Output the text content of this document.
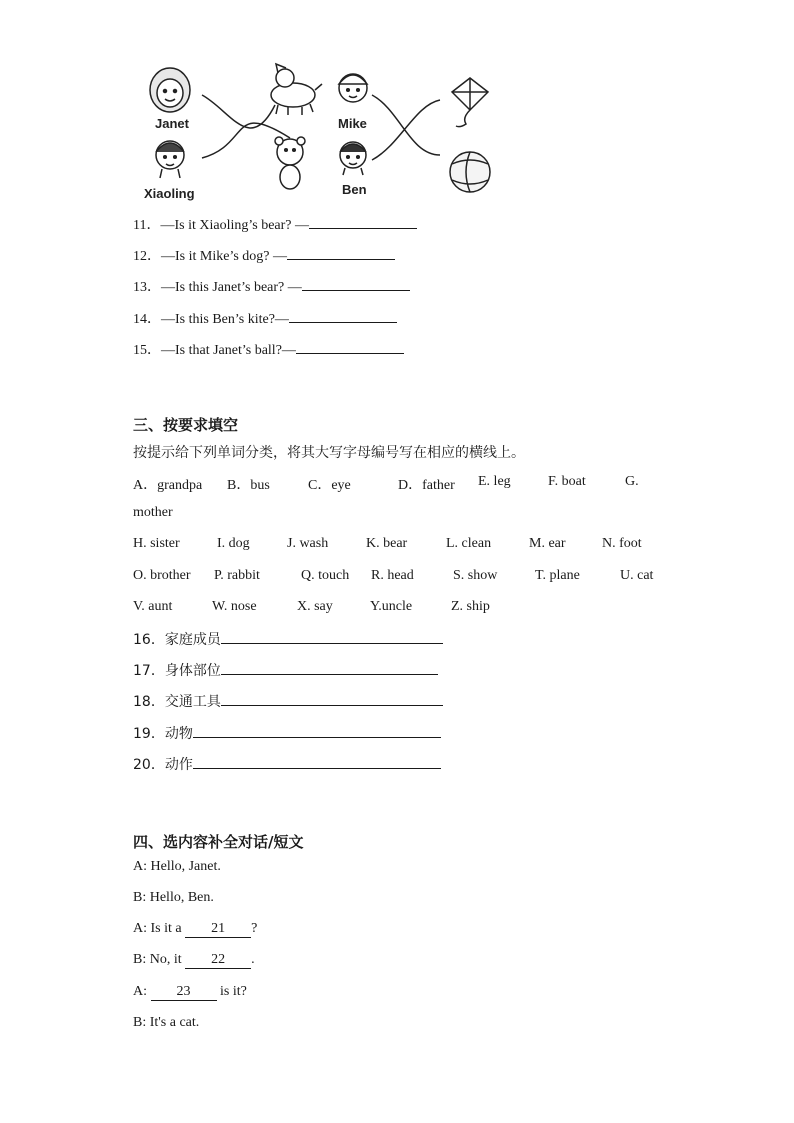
Janet
Xiaoling
Mike
Ben
11．—Is it Xiaoling’s bear? —
12．—Is it Mike’s dog? —
13．—Is this Janet’s bear? —
14．—Is this Ben’s kite?—
15．—Is that Janet’s ball?—
三、按要求填空
按提示给下列单词分类，将其大写字母编号写在相应的横线上。
A．grandpa B．bus	C．eye	D．father E. leg	F. boat	G.
mother
H. sister	I. dog	J. wash	K. bear	L. clean	M. ear	N. foot
O. brother P. rabbit	Q. touch R. head	S. show	T. plane	U. cat
V. aunt	W. nose	X. say	Y.uncle	Z. ship
16．家庭成员
17．身体部位
18．交通工具
19．动物
20．动作
四、选内容补全对话/短文
A: Hello, Janet.
B: Hello, Ben.
A: Is it a 21 ?
B: No, it 22 .
A: 23 is it?
B: It's a cat.
